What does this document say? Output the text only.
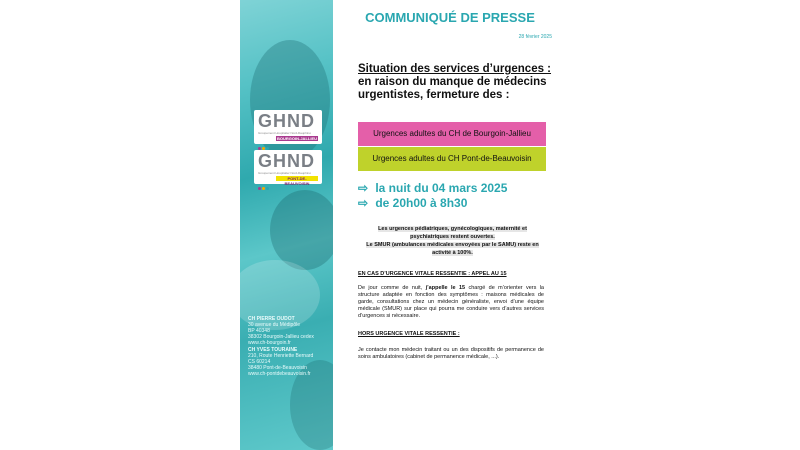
GHND
Groupement Hospitalier Nord-Dauphiné
BOURGOIN-JALLIEU
GHND
Groupement Hospitalier Nord-Dauphiné
PONT-DE-BEAUVOISIN
CH PIERRE OUDOT
30 avenue du Médipôle
BP 40348
38302 Bourgoin-Jallieu cedex
www.ch-bourgoin.fr
CH YVES TOURAINE
210, Route Henriette Bernard
CS 60214
38480 Pont-de-Beauvoisin
www.ch-pontdebeauvoisin.fr
COMMUNIQUÉ DE PRESSE
28 février 2025
Situation des services d’urgences :
en raison du manque de médecins urgentistes, fermeture des :
Urgences adultes du CH de Bourgoin-Jallieu
Urgences adultes du CH Pont-de-Beauvoisin
⇨ la nuit du 04 mars 2025
⇨ de 20h00 à 8h30
Les urgences pédiatriques, gynécologiques, maternité et psychiatriques restent ouvertes.
Le SMUR (ambulances médicales envoyées par le SAMU) reste en activité à 100%.
EN CAS D’URGENCE VITALE RESSENTIE : APPEL AU 15
De jour comme de nuit, j’appelle le 15 chargé de m’orienter vers la structure adaptée en fonction des symptômes : maisons médicales de garde, consultations chez un médecin généraliste, envoi d’une équipe médicale (SMUR) sur place qui pourra me conduire vers d’autres services d’urgences si nécessaire.
HORS URGENCE VITALE RESSENTIE :
Je contacte mon médecin traitant ou un des dispositifs de permanence de soins ambulatoires (cabinet de permanence médicale, ...).
